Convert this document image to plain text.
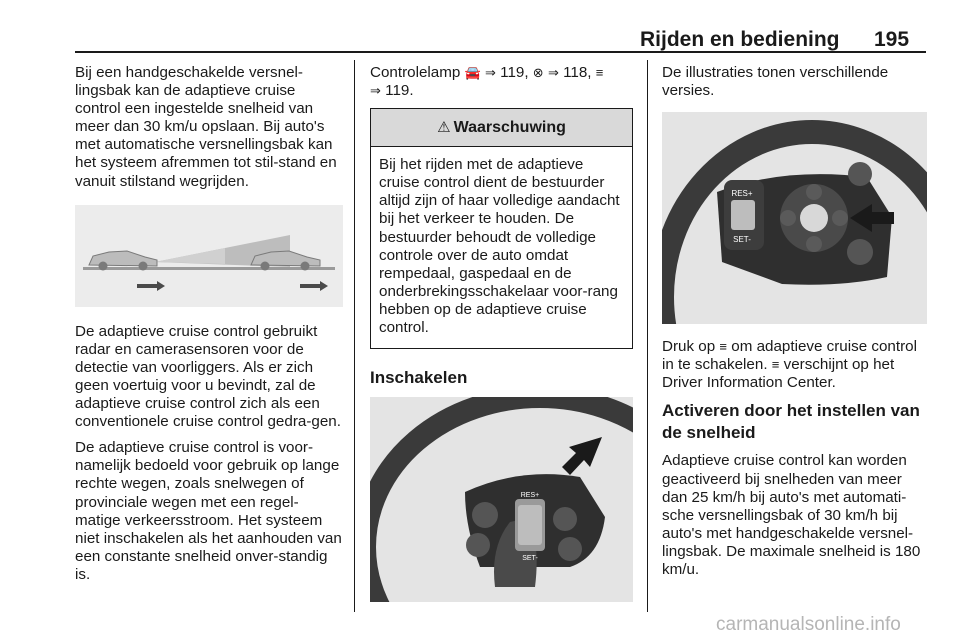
Rijden en bediening 195

Bij een handgeschakelde versnel-lingsbak kan de adaptieve cruise control een ingestelde snelheid van meer dan 30 km/u opslaan. Bij auto's met automatische versnellingsbak kan het systeem afremmen tot stil-stand en vanuit stilstand wegrijden.

De adaptieve cruise control gebruikt radar en camerasensoren voor de detectie van voorliggers. Als er zich geen voertuig voor u bevindt, zal de adaptieve cruise control zich als een conventionele cruise control gedra-gen.

De adaptieve cruise control is voor-namelijk bedoeld voor gebruik op lange rechte wegen, zoals snelwegen of provinciale wegen met een regel-matige verkeersstroom. Het systeem niet inschakelen als het aanhouden van een constante snelheid onver-standig is.

Controlelamp 🚘 ⇒ 119, ⊗ ⇒ 118, ≡
⇒ 119.

⚠ Waarschuwing
Bij het rijden met de adaptieve cruise control dient de bestuurder altijd zijn of haar volledige aandacht bij het verkeer te houden. De bestuurder behoudt de volledige controle over de auto omdat rempedaal, gaspedaal en de onderbrekingsschakelaar voor-rang hebben op de adaptieve cruise control.
Inschakelen
RES+
SET-

De illustraties tonen verschillende versies.

RES+
SET-

Druk op ≡ om adaptieve cruise control in te schakelen. ≡ verschijnt op het Driver Information Center.

Activeren door het instellen van de snelheid

Adaptieve cruise control kan worden geactiveerd bij snelheden van meer dan 25 km/h bij auto's met automati-sche versnellingsbak of 30 km/h bij auto's met handgeschakelde versnel-lingsbak. De maximale snelheid is 180 km/u.

carmanualsonline.info
